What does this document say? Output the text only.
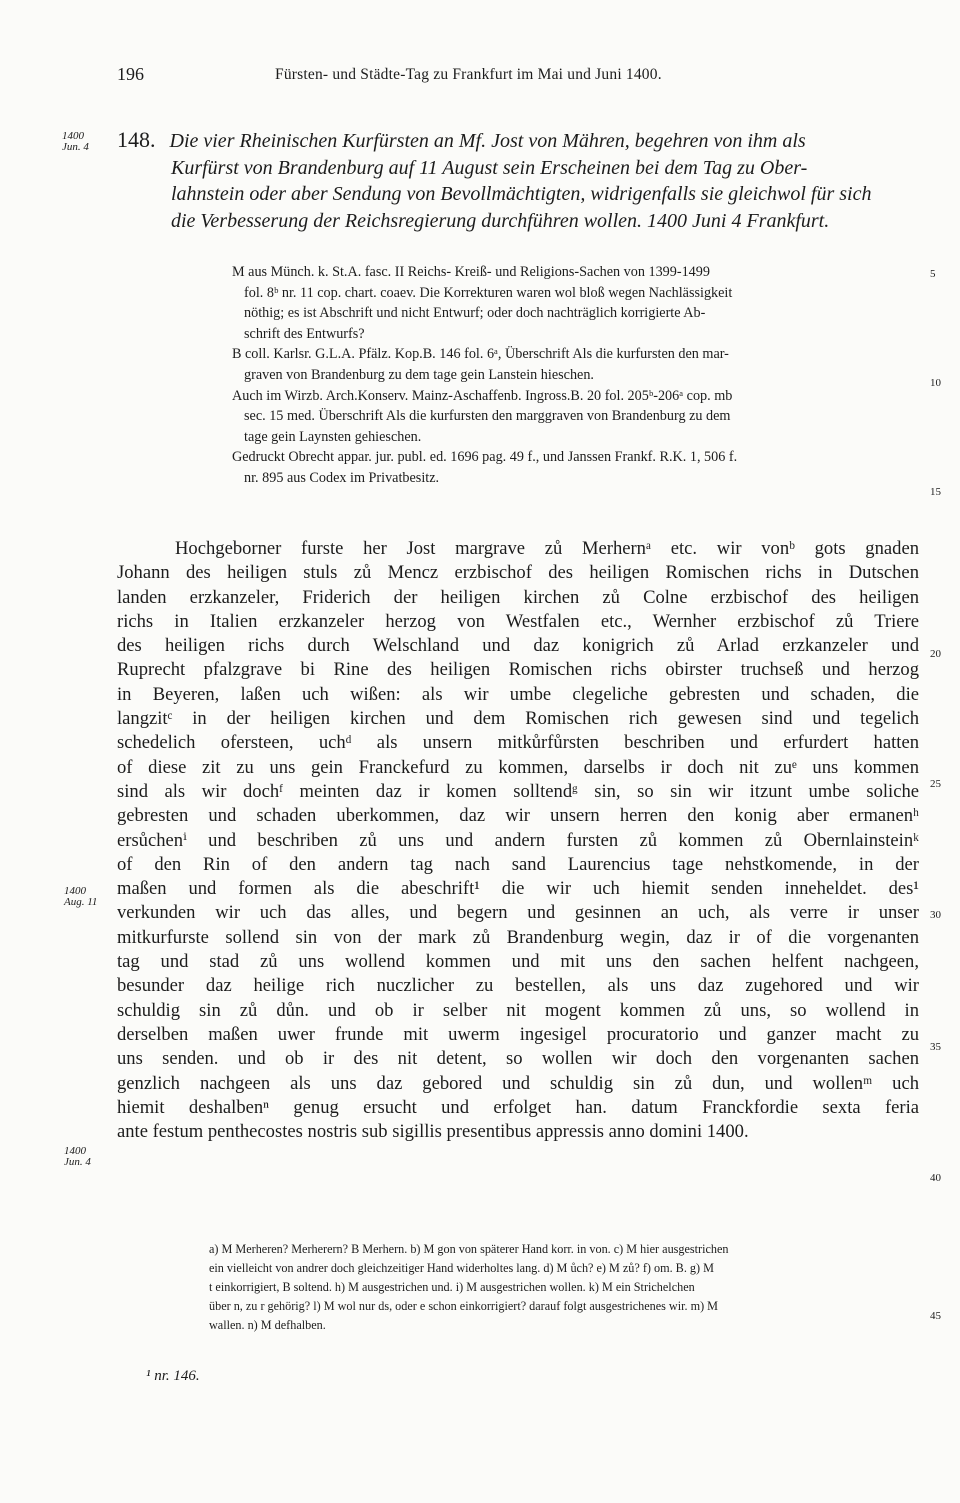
196	Fürsten- und Städte-Tag zu Frankfurt im Mai und Juni 1400.
1400
Jun. 4
1400
Aug. 11
1400
Jun. 4
148. Die vier Rheinischen Kurfürsten an Mf. Jost von Mähren, begehren von ihm als
Kurfürst von Brandenburg auf 11 August sein Erscheinen bei dem Tag zu Ober-
lahnstein oder aber Sendung von Bevollmächtigten, widrigenfalls sie gleichwol für sich
die Verbesserung der Reichsregierung durchführen wollen. 1400 Juni 4 Frankfurt.
M aus Münch. k. St.A. fasc. II Reichs- Kreiß- und Religions-Sachen von 1399-1499
fol. 8ᵇ nr. 11 cop. chart. coaev. Die Korrekturen waren wol bloß wegen Nachlässigkeit
nöthig; es ist Abschrift und nicht Entwurf; oder doch nachträglich korrigierte Ab-
schrift des Entwurfs?
B coll. Karlsr. G.L.A. Pfälz. Kop.B. 146 fol. 6ᵃ, Überschrift Als die kurfursten den mar-
graven von Brandenburg zu dem tage gein Lanstein hieschen.
Auch im Wirzb. Arch.Konserv. Mainz-Aschaffenb. Ingross.B. 20 fol. 205ᵇ-206ᵃ cop. mb
sec. 15 med. Überschrift Als die kurfursten den marggraven von Brandenburg zu dem
tage gein Laynsten gehieschen.
Gedruckt Obrecht appar. jur. publ. ed. 1696 pag. 49 f., und Janssen Frankf. R.K. 1, 506 f.
nr. 895 aus Codex im Privatbesitz.
5
10
15
20
25
30
35
40
45
Hochgeborner furste her Jost margrave zů Merhernᵃ etc. wir vonᵇ gots gnaden
Johann des heiligen stuls zů Mencz erzbischof des heiligen Romischen richs in Dutschen
landen erzkanzeler, Friderich der heiligen kirchen zů Colne erzbischof des heiligen
richs in Italien erzkanzeler herzog von Westfalen etc., Wernher erzbischof zů Triere
des heiligen richs durch Welschland und daz konigrich zů Arlad erzkanzeler und
Ruprecht pfalzgrave bi Rine des heiligen Romischen richs obirster truchseß und herzog
in Beyeren, laßen uch wißen: als wir umbe clegeliche gebresten und schaden, die
langzitᶜ in der heiligen kirchen und dem Romischen rich gewesen sind und tegelich
schedelich ofersteen, uchᵈ als unsern mitkůrfůrsten beschriben und erfurdert hatten
of diese zit zu uns gein Franckefurd zu kommen, darselbs ir doch nit zuᵉ uns kommen
sind als wir dochᶠ meinten daz ir komen solltendᵍ sin, so sin wir itzunt umbe soliche
gebresten und schaden uberkommen, daz wir unsern herren den konig aber ermanenʰ
ersůchenⁱ und beschriben zů uns und andern fursten zů kommen zů Obernlainsteinᵏ
of den Rin of den andern tag nach sand Laurencius tage nehstkomende, in der
maßen und formen als die abeschrift¹ die wir uch hiemit senden inneheldet. des¹
verkunden wir uch das alles, und begern und gesinnen an uch, als verre ir unser
mitkurfurste sollend sin von der mark zů Brandenburg wegin, daz ir of die vorgenanten
tag und stad zů uns wollend kommen und mit uns den sachen helfent nachgeen,
besunder daz heilige rich nuczlicher zu bestellen, als uns daz zugehored und wir
schuldig sin zů důn. und ob ir selber nit mogent kommen zů uns, so wollend in
derselben maßen uwer frunde mit uwerm ingesigel procuratorio und ganzer macht zu
uns senden. und ob ir des nit detent, so wollen wir doch den vorgenanten sachen
genzlich nachgeen als uns daz gebored und schuldig sin zů dun, und wollenᵐ uch
hiemit deshalbenⁿ genug ersucht und erfolget han. datum Franckfordie sexta feria
ante festum penthecostes nostris sub sigillis presentibus appressis anno domini 1400.
a) M Merheren? Merherern? B Merhern. b) M gon von späterer Hand korr. in von. c) M hier ausgestrichen
ein vielleicht von andrer doch gleichzeitiger Hand widerholtes lang. d) M ůch? e) M zů? f) om. B. g) M
t einkorrigiert, B soltend. h) M ausgestrichen und. i) M ausgestrichen wollen. k) M ein Strichelchen
über n, zu r gehörig? l) M wol nur ds, oder e schon einkorrigiert? darauf folgt ausgestrichenes wir. m) M
wallen. n) M defhalben.
¹ nr. 146.
